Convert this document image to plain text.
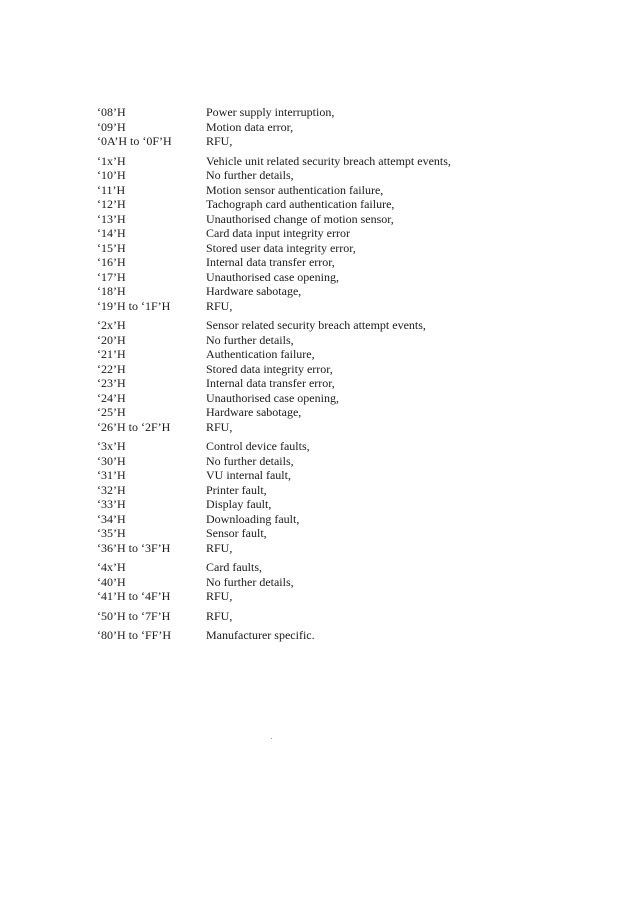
‘08’H	Power supply interruption,
‘09’H	Motion data error,
‘0A’H to ‘0F’H	RFU,
‘1x’H	Vehicle unit related security breach attempt events,
‘10’H	No further details,
‘11’H	Motion sensor authentication failure,
‘12’H	Tachograph card authentication failure,
‘13’H	Unauthorised change of motion sensor,
‘14’H	Card data input integrity error
‘15’H	Stored user data integrity error,
‘16’H	Internal data transfer error,
‘17’H	Unauthorised case opening,
‘18’H	Hardware sabotage,
‘19’H to ‘1F’H	RFU,
‘2x’H	Sensor related security breach attempt events,
‘20’H	No further details,
‘21’H	Authentication failure,
‘22’H	Stored data integrity error,
‘23’H	Internal data transfer error,
‘24’H	Unauthorised case opening,
‘25’H	Hardware sabotage,
‘26’H to ‘2F’H	RFU,
‘3x’H	Control device faults,
‘30’H	No further details,
‘31’H	VU internal fault,
‘32’H	Printer fault,
‘33’H	Display fault,
‘34’H	Downloading fault,
‘35’H	Sensor fault,
‘36’H to ‘3F’H	RFU,
‘4x’H	Card faults,
‘40’H	No further details,
‘41’H to ‘4F’H	RFU,
‘50’H to ‘7F’H	RFU,
‘80’H to ‘FF’H	Manufacturer specific.
